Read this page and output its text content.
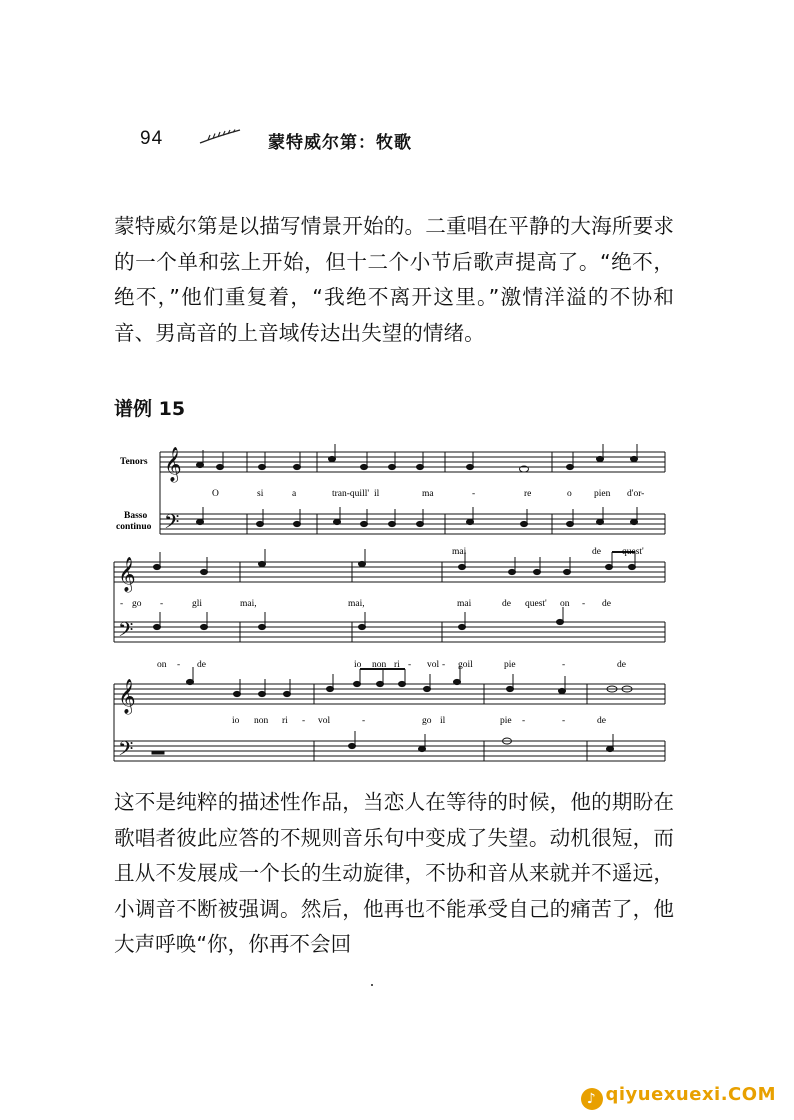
94	蒙特威尔第：牧歌

蒙特威尔第是以描写情景开始的。二重唱在平静的大海所要求的一个单和弦上开始，但十二个小节后歌声提高了。“绝不，绝不，”他们重复着，“我绝不离开这里。”激情洋溢的不协和音、男高音的上音域传达出失望的情绪。

谱例 15
𝄞
𝄢
𝄞
𝄢
𝄞
𝄢
Tenors
Basso
continuo
O	si	a	tran-quill' il	ma	-	re	o pien d'or-
mai	de quest'
- go -	gli	mai,	mai,	mai	de quest' on - de
on - de	io non ri - vol - goil	pie	-	de
io non ri - vol	-	go il	pie -	-	de

这不是纯粹的描述性作品，当恋人在等待的时候，他的期盼在歌唱者彼此应答的不规则音乐句中变成了失望。动机很短，而且从不发展成一个长的生动旋律，不协和音从来就并不遥远，小调音不断被强调。然后，他再也不能承受自己的痛苦了，他大声呼唤“你，你再不会回

♪ qiyuexuexi.COM
